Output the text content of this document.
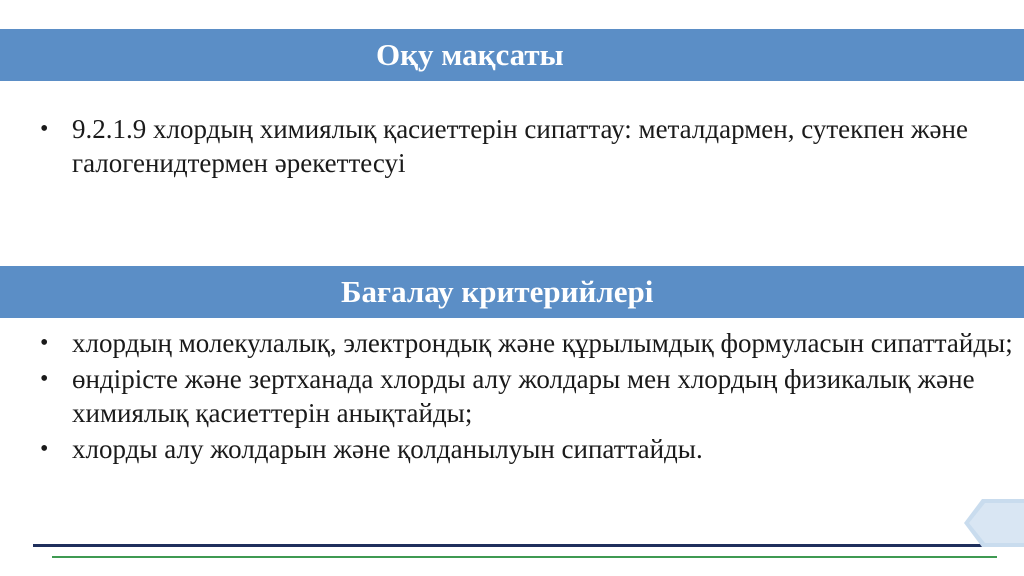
Оқу мақсаты
• 9.2.1.9 хлордың химиялық қасиеттерін сипаттау: металдармен, сутекпен және галогенидтермен әрекеттесуі
Бағалау критерийлері
• хлордың молекулалық, электрондық және құрылымдық формуласын сипаттайды;
• өндірісте және зертханада хлорды алу жолдары мен хлордың физикалық және химиялық қасиеттерін анықтайды;
• хлорды алу жолдарын және қолданылуын сипаттайды.
